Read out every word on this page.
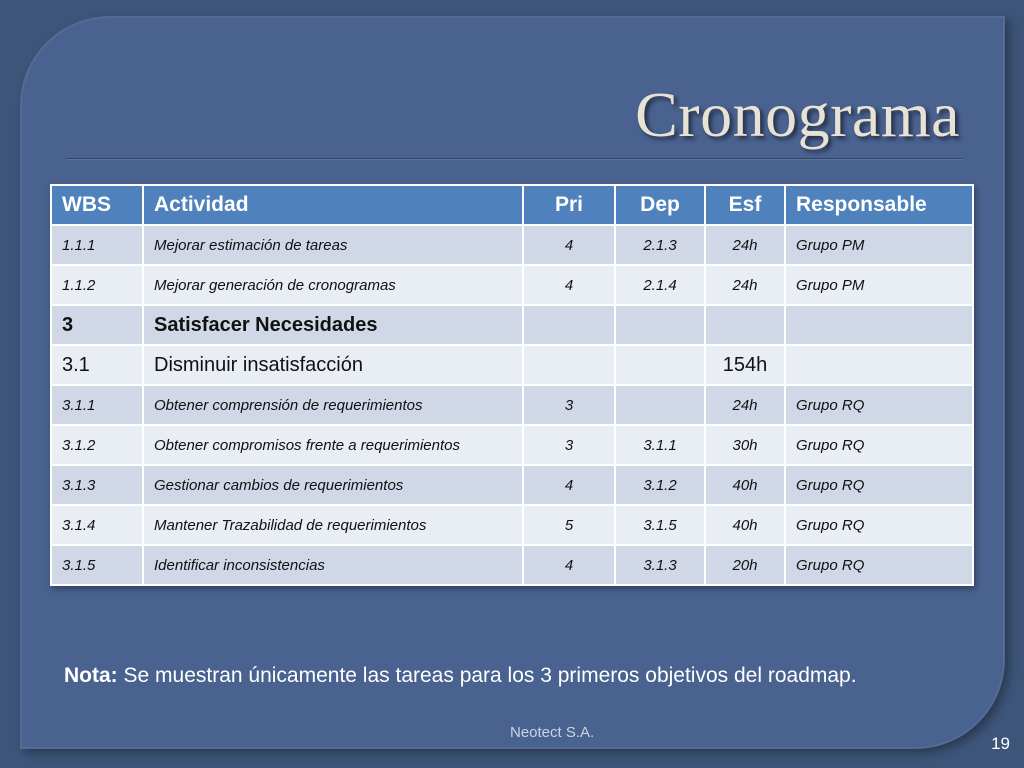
Cronograma
WBS	Actividad	Pri	Dep	Esf	Responsable
1.1.1	Mejorar estimación de tareas	4	2.1.3	24h	Grupo PM
1.1.2	Mejorar generación de cronogramas	4	2.1.4	24h	Grupo PM
3	Satisfacer Necesidades				
3.1	Disminuir insatisfacción			154h	
3.1.1	Obtener comprensión de requerimientos	3		24h	Grupo RQ
3.1.2	Obtener compromisos frente a requerimientos	3	3.1.1	30h	Grupo RQ
3.1.3	Gestionar cambios de requerimientos	4	3.1.2	40h	Grupo RQ
3.1.4	Mantener Trazabilidad de requerimientos	5	3.1.5	40h	Grupo RQ
3.1.5	Identificar inconsistencias	4	3.1.3	20h	Grupo RQ

Nota: Se muestran únicamente las tareas para los 3 primeros objetivos del roadmap.

Neotect S.A.
19
